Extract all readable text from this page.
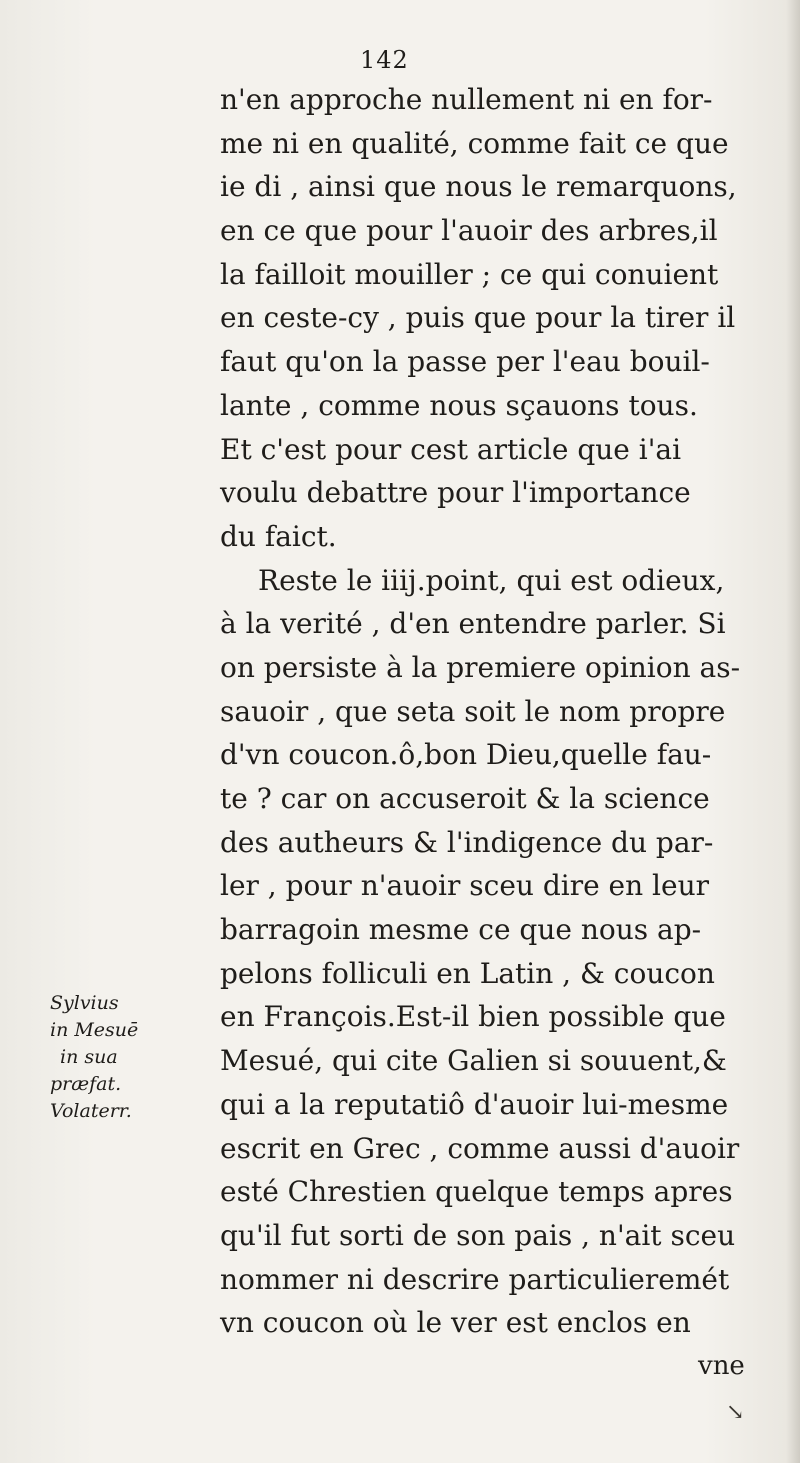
142
n'en approche nullement ni en for-
me ni en qualité, comme fait ce que
ie di , ainsi que nous le remarquons,
en ce que pour l'auoir des arbres,il
la failloit mouiller ; ce qui conuient
en ceste-cy , puis que pour la tirer il
faut qu'on la passe per l'eau bouil-
lante , comme nous sçauons tous.
Et c'est pour cest article que i'ai
voulu debattre pour l'importance
du faict.
Reste le iiij.point, qui est odieux,
à la verité , d'en entendre parler. Si
on persiste à la premiere opinion as-
sauoir , que seta soit le nom propre
d'vn coucon.ô,bon Dieu,quelle fau-
te ? car on accuseroit & la science
des autheurs & l'indigence du par-
ler , pour n'auoir sceu dire en leur
barragoin mesme ce que nous ap-
pelons folliculi en Latin , & coucon
en François.Est-il bien possible que
Mesué, qui cite Galien si souuent,&
qui a la reputatiô d'auoir lui-mesme
escrit en Grec , comme aussi d'auoir
esté Chrestien quelque temps apres
qu'il fut sorti de son pais , n'ait sceu
nommer ni descrire particulieremét
vn coucon où le ver est enclos en
Sylvius
in Mesuē
in sua
præfat.
Volaterr.
vne
↘
